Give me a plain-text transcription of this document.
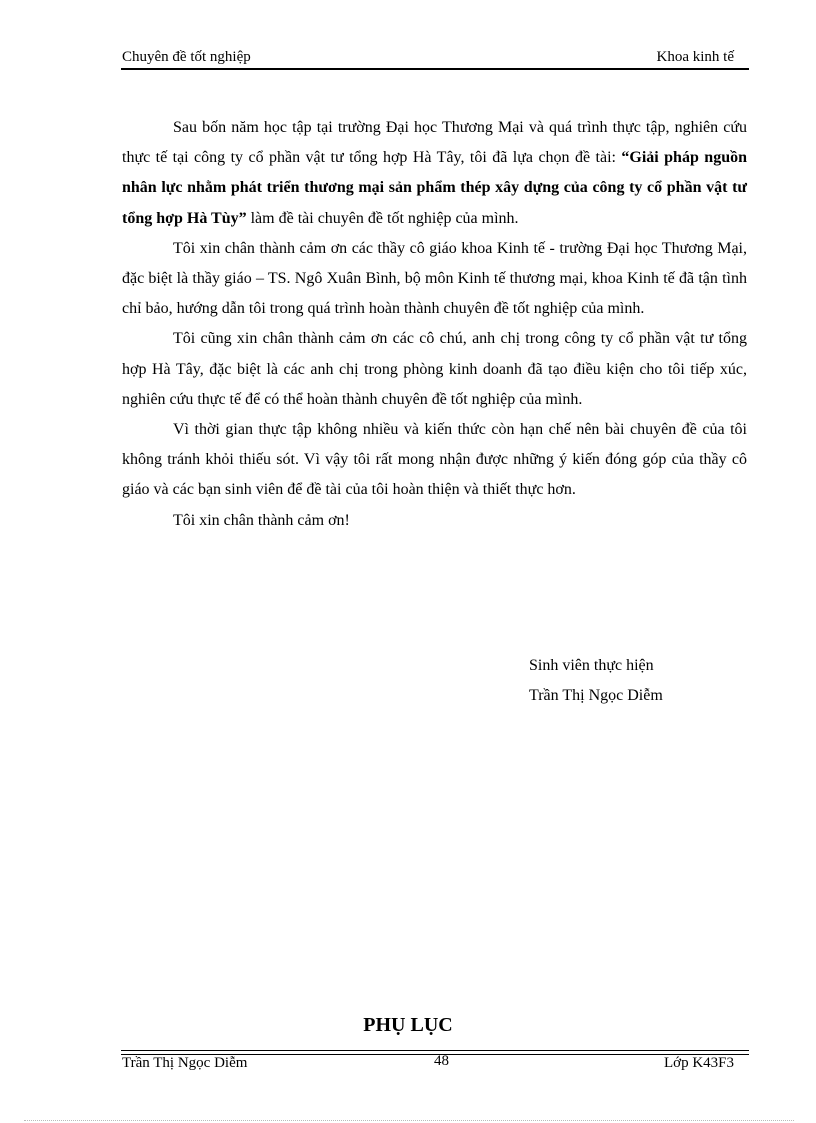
Chuyên đề tốt nghiệp	Khoa kinh tế

Sau bốn năm học tập tại trường Đại học Thương Mại và quá trình thực tập, nghiên cứu thực tế tại công ty cổ phần vật tư tổng hợp Hà Tây, tôi đã lựa chọn đề tài: “Giải pháp nguồn nhân lực nhằm phát triển thương mại sản phẩm thép xây dựng của công ty cổ phần vật tư tổng hợp Hà Tùy” làm đề tài chuyên đề tốt nghiệp của mình.

Tôi xin chân thành cảm ơn các thầy cô giáo khoa Kinh tế - trường Đại học Thương Mại, đặc biệt là thầy giáo – TS. Ngô Xuân Bình, bộ môn Kinh tế thương mại, khoa Kinh tế đã tận tình chỉ bảo, hướng dẫn tôi trong quá trình hoàn thành chuyên đề tốt nghiệp của mình.

Tôi cũng xin chân thành cảm ơn các cô chú, anh chị trong công ty cổ phần vật tư tổng hợp Hà Tây, đặc biệt là các anh chị trong phòng kinh doanh đã tạo điều kiện cho tôi tiếp xúc, nghiên cứu thực tế để có thể hoàn thành chuyên đề tốt nghiệp của mình.

Vì thời gian thực tập không nhiều và kiến thức còn hạn chế nên bài chuyên đề của tôi không tránh khỏi thiếu sót. Vì vậy tôi rất mong nhận được những ý kiến đóng góp của thầy cô giáo và các bạn sinh viên để đề tài của tôi hoàn thiện và thiết thực hơn.

Tôi xin chân thành cảm ơn!

Sinh viên thực hiện
Trần Thị Ngọc Diễm
PHỤ LỤC
Trần Thị Ngọc Diễm	48	Lớp K43F3
